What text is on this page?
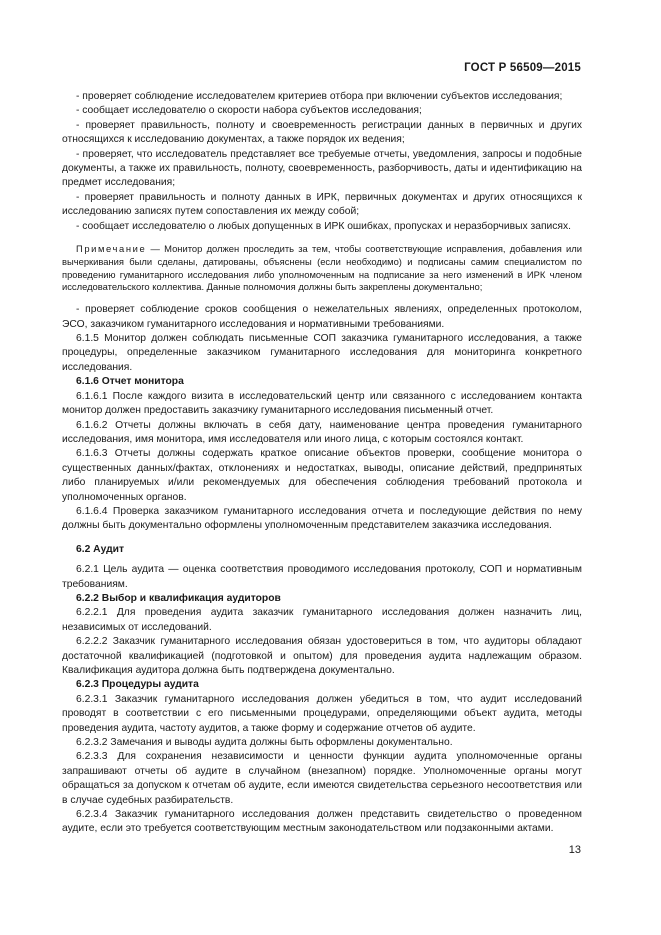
ГОСТ Р 56509—2015

- проверяет соблюдение исследователем критериев отбора при включении субъектов исследования;

- сообщает исследователю о скорости набора субъектов исследования;

- проверяет правильность, полноту и своевременность регистрации данных в первичных и других относящихся к исследованию документах, а также порядок их ведения;

- проверяет, что исследователь представляет все требуемые отчеты, уведомления, запросы и подобные документы, а также их правильность, полноту, своевременность, разборчивость, даты и идентификацию на предмет исследования;

- проверяет правильность и полноту данных в ИРК, первичных документах и других относящихся к исследованию записях путем сопоставления их между собой;

- сообщает исследователю о любых допущенных в ИРК ошибках, пропусках и неразборчивых записях.

Примечание — Монитор должен проследить за тем, чтобы соответствующие исправления, добавления или вычеркивания были сделаны, датированы, объяснены (если необходимо) и подписаны самим специалистом по проведению гуманитарного исследования либо уполномоченным на подписание за него изменений в ИРК членом исследовательского коллектива. Данные полномочия должны быть закреплены документально;

- проверяет соблюдение сроков сообщения о нежелательных явлениях, определенных протоколом, ЭСО, заказчиком гуманитарного исследования и нормативными требованиями.

6.1.5 Монитор должен соблюдать письменные СОП заказчика гуманитарного исследования, а также процедуры, определенные заказчиком гуманитарного исследования для мониторинга конкретного исследования.

6.1.6 Отчет монитора

6.1.6.1 После каждого визита в исследовательский центр или связанного с исследованием контакта монитор должен предоставить заказчику гуманитарного исследования письменный отчет.

6.1.6.2 Отчеты должны включать в себя дату, наименование центра проведения гуманитарного исследования, имя монитора, имя исследователя или иного лица, с которым состоялся контакт.

6.1.6.3 Отчеты должны содержать краткое описание объектов проверки, сообщение монитора о существенных данных/фактах, отклонениях и недостатках, выводы, описание действий, предпринятых либо планируемых и/или рекомендуемых для обеспечения соблюдения требований протокола и уполномоченных органов.

6.1.6.4 Проверка заказчиком гуманитарного исследования отчета и последующие действия по нему должны быть документально оформлены уполномоченным представителем заказчика исследования.

6.2 Аудит

6.2.1 Цель аудита — оценка соответствия проводимого исследования протоколу, СОП и нормативным требованиям.

6.2.2 Выбор и квалификация аудиторов

6.2.2.1 Для проведения аудита заказчик гуманитарного исследования должен назначить лиц, независимых от исследований.

6.2.2.2 Заказчик гуманитарного исследования обязан удостовериться в том, что аудиторы обладают достаточной квалификацией (подготовкой и опытом) для проведения аудита надлежащим образом. Квалификация аудитора должна быть подтверждена документально.

6.2.3 Процедуры аудита

6.2.3.1 Заказчик гуманитарного исследования должен убедиться в том, что аудит исследований проводят в соответствии с его письменными процедурами, определяющими объект аудита, методы проведения аудита, частоту аудитов, а также форму и содержание отчетов об аудите.

6.2.3.2 Замечания и выводы аудита должны быть оформлены документально.

6.2.3.3 Для сохранения независимости и ценности функции аудита уполномоченные органы запрашивают отчеты об аудите в случайном (внезапном) порядке. Уполномоченные органы могут обращаться за допуском к отчетам об аудите, если имеются свидетельства серьезного несоответствия или в случае судебных разбирательств.

6.2.3.4 Заказчик гуманитарного исследования должен представить свидетельство о проведенном аудите, если это требуется соответствующим местным законодательством или подзаконными актами.

13
